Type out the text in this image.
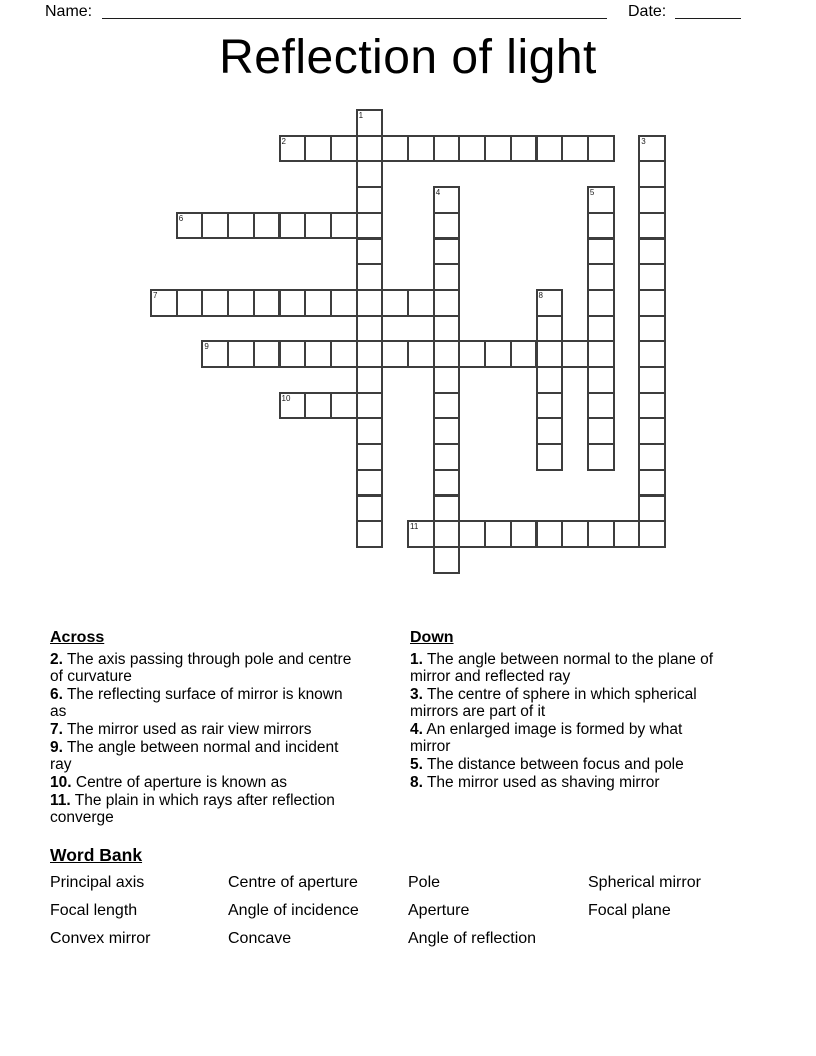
Name:	Date:
Reflection of light
1
2	3
4	5
6
7	8
9
10
11
Across

2. The axis passing through pole and centre
of curvature

6. The reflecting surface of mirror is known
as

7. The mirror used as rair view mirrors

9. The angle between normal and incident
ray

10. Centre of aperture is known as

11. The plain in which rays after reflection
converge

Down

1. The angle between normal to the plane of
mirror and reflected ray

3. The centre of sphere in which spherical
mirrors are part of it

4. An enlarged image is formed by what
mirror

5. The distance between focus and pole

8. The mirror used as shaving mirror

Word Bank
Principal axis	Centre of aperture	Pole	Spherical mirror
Focal length	Angle of incidence	Aperture	Focal plane
Convex mirror	Concave	Angle of reflection
